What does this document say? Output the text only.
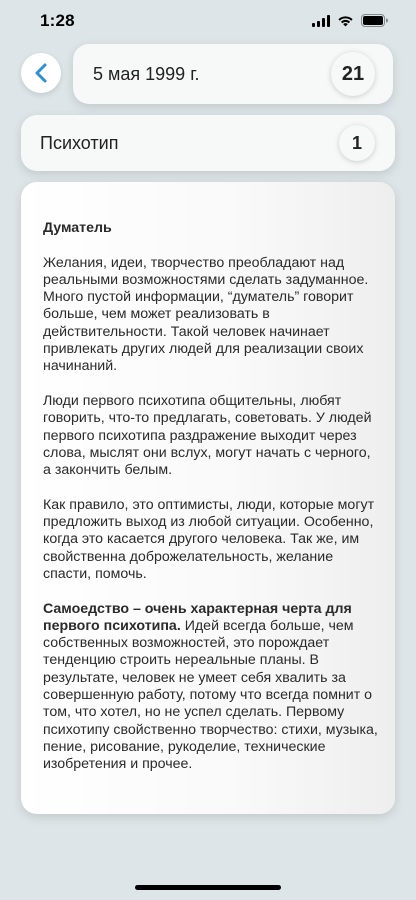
1:28
5 мая 1999 г.	21
Психотип	1

Думатель

Желания, идеи, творчество преобладают над реальными возможностями сделать задуманное. Много пустой информации, “думатель” говорит больше, чем может реализовать в действительности. Такой человек начинает привлекать других людей для реализации своих начинаний.

Люди первого психотипа общительны, любят говорить, что-то предлагать, советовать. У людей первого психотипа раздражение выходит через слова, мыслят они вслух, могут начать с черного, а закончить белым.

Как правило, это оптимисты, люди, которые могут предложить выход из любой ситуации. Особенно, когда это касается другого человека. Так же, им свойственна доброжелательность, желание спасти, помочь.

Самоедство – очень характерная черта для первого психотипа. Идей всегда больше, чем собственных возможностей, это порождает тенденцию строить нереальные планы. В результате, человек не умеет себя хвалить за совершенную работу, потому что всегда помнит о том, что хотел, но не успел сделать. Первому психотипу свойственно творчество: стихи, музыка, пение, рисование, рукоделие, технические изобретения и прочее.
